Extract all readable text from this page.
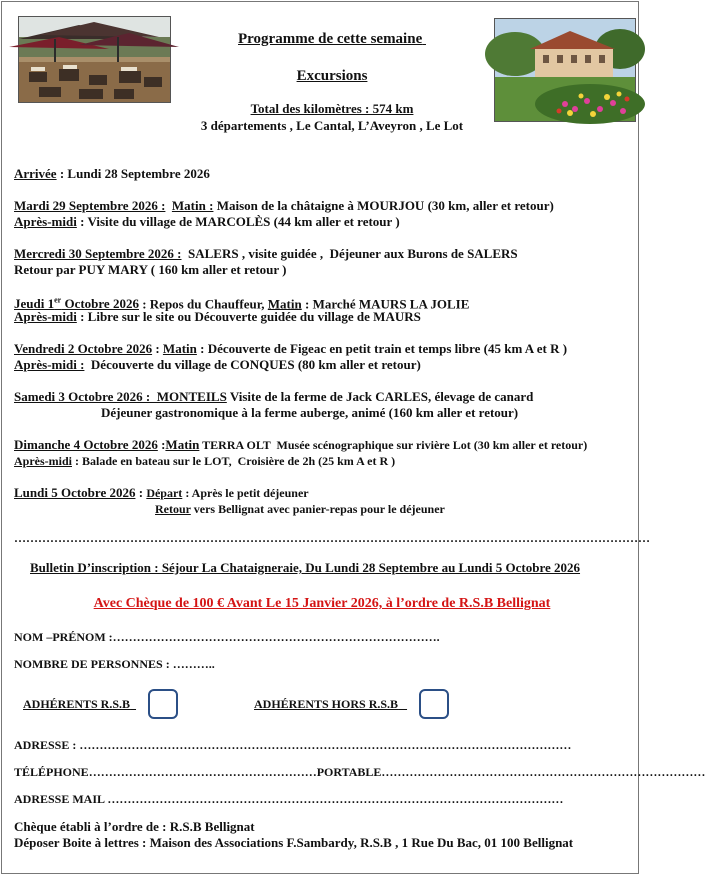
Programme de cette semaine
Excursions
Total des kilomètres : 574 km
3 départements , Le Cantal, L’Aveyron , Le Lot
Arrivée : Lundi 28 Septembre 2026
Mardi 29 Septembre 2026 : Matin : Maison de la châtaigne à MOURJOU (30 km, aller et retour)
Après-midi : Visite du village de MARCOLÈS (44 km aller et retour )
Mercredi 30 Septembre 2026 :  SALERS , visite guidée ,  Déjeuner aux Burons de SALERS
Retour par PUY MARY ( 160 km aller et retour )
Jeudi 1er Octobre 2026 : Repos du Chauffeur, Matin : Marché MAURS LA JOLIE
Après-midi : Libre sur le site ou Découverte guidée du village de MAURS
Vendredi 2 Octobre 2026 : Matin : Découverte de Figeac en petit train et temps libre (45 km A et R )
Après-midi :  Découverte du village de CONQUES (80 km aller et retour)
Samedi 3 Octobre 2026 :  MONTEILS Visite de la ferme de Jack CARLES, élevage de canard
Déjeuner gastronomique à la ferme auberge, animé (160 km aller et retour)
Dimanche 4 Octobre 2026 :Matin TERRA OLT  Musée scénographique sur rivière Lot (30 km aller et retour)
Après-midi : Balade en bateau sur le LOT,  Croisière de 2h (25 km A et R )
Lundi 5 Octobre 2026 : Départ : Après le petit déjeuner
Retour vers Bellignat avec panier-repas pour le déjeuner
……………………………………………………………………………………………………………………………………………
Bulletin D’inscription : Séjour La Chataigneraie, Du Lundi 28 Septembre au Lundi 5 Octobre 2026
Avec Chèque de 100 € Avant Le 15 Janvier 2026, à l’ordre de R.S.B Bellignat
NOM –PRÉNOM :……………………………………………………………………….
NOMBRE DE PERSONNES : ………..
ADHÉRENTS R.S.B	ADHÉRENTS HORS R.S.B
ADRESSE : ……………………………………………………………………………………………………………
TÉLÉPHONE…………………………………………………PORTABLE………………………………………………………………………
ADRESSE MAIL ……………………………………………………………………………………………………
Chèque établi à l’ordre de : R.S.B Bellignat
Déposer Boite à lettres : Maison des Associations F.Sambardy, R.S.B , 1 Rue Du Bac, 01 100 Bellignat
